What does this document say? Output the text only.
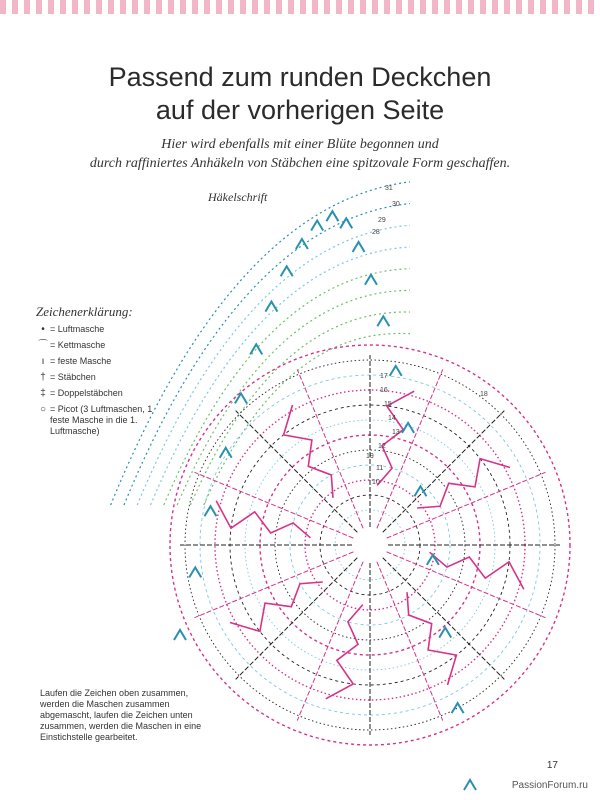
Passend zum runden Deckchen
auf der vorherigen Seite
Hier wird ebenfalls mit einer Blüte begonnen und
durch raffiniertes Anhäkeln von Stäbchen eine spitzovale Form geschaffen.
Häkelschrift
31
30
29
28
17
16
15
14
13
12
11
10
19
18
Zeichenerklärung:
• = Luftmasche
⌒ = Kettmasche
ı = feste Masche
† = Stäbchen
‡ = Doppelstäbchen
○ = Picot (3 Luftmaschen, 1 feste Masche in die 1. Luftmasche)
Laufen die Zeichen oben zusammen, werden die Maschen zusammen abgemascht, laufen die Zeichen unten zusammen, werden die Maschen in eine Einstichstelle gearbeitet.
17
PassionForum.ru
